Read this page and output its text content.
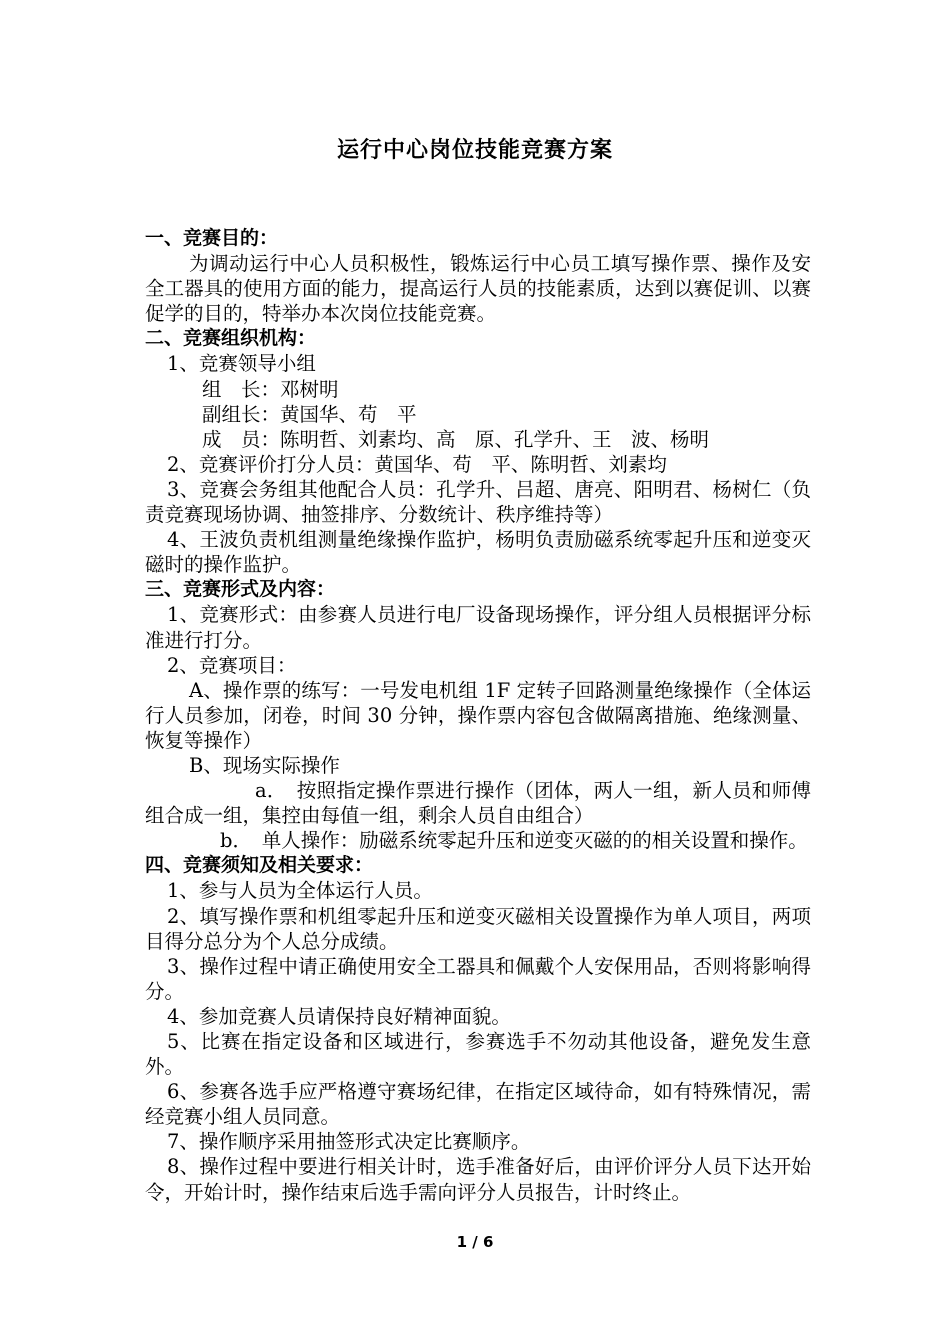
运行中心岗位技能竞赛方案

一、竞赛目的：

为调动运行中心人员积极性，锻炼运行中心员工填写操作票、操作及安全工器具的使用方面的能力，提高运行人员的技能素质，达到以赛促训、以赛促学的目的，特举办本次岗位技能竞赛。

二、竞赛组织机构：

1、竞赛领导小组

组　长：邓树明

副组长：黄国华、苟　平

成　员：陈明哲、刘素均、高　原、孔学升、王　波、杨明

2、竞赛评价打分人员：黄国华、苟　平、陈明哲、刘素均

3、竞赛会务组其他配合人员：孔学升、吕超、唐亮、阳明君、杨树仁（负责竞赛现场协调、抽签排序、分数统计、秩序维持等）

4、王波负责机组测量绝缘操作监护，杨明负责励磁系统零起升压和逆变灭磁时的操作监护。

三、竞赛形式及内容：

1、竞赛形式：由参赛人员进行电厂设备现场操作，评分组人员根据评分标准进行打分。

2、竞赛项目：

A、操作票的练写：一号发电机组 1F 定转子回路测量绝缘操作（全体运行人员参加，闭卷，时间 30 分钟，操作票内容包含做隔离措施、绝缘测量、恢复等操作）

B、现场实际操作

a．　按照指定操作票进行操作（团体，两人一组，新人员和师傅组合成一组，集控由每值一组，剩余人员自由组合）

b．　单人操作：励磁系统零起升压和逆变灭磁的的相关设置和操作。

四、竞赛须知及相关要求：

1、参与人员为全体运行人员。

2、填写操作票和机组零起升压和逆变灭磁相关设置操作为单人项目，两项目得分总分为个人总分成绩。

3、操作过程中请正确使用安全工器具和佩戴个人安保用品，否则将影响得分。

4、参加竞赛人员请保持良好精神面貌。

5、比赛在指定设备和区域进行，参赛选手不勿动其他设备，避免发生意外。

6、参赛各选手应严格遵守赛场纪律，在指定区域待命，如有特殊情况，需经竞赛小组人员同意。

7、操作顺序采用抽签形式决定比赛顺序。

8、操作过程中要进行相关计时，选手准备好后，由评价评分人员下达开始令，开始计时，操作结束后选手需向评分人员报告，计时终止。

1 / 6
